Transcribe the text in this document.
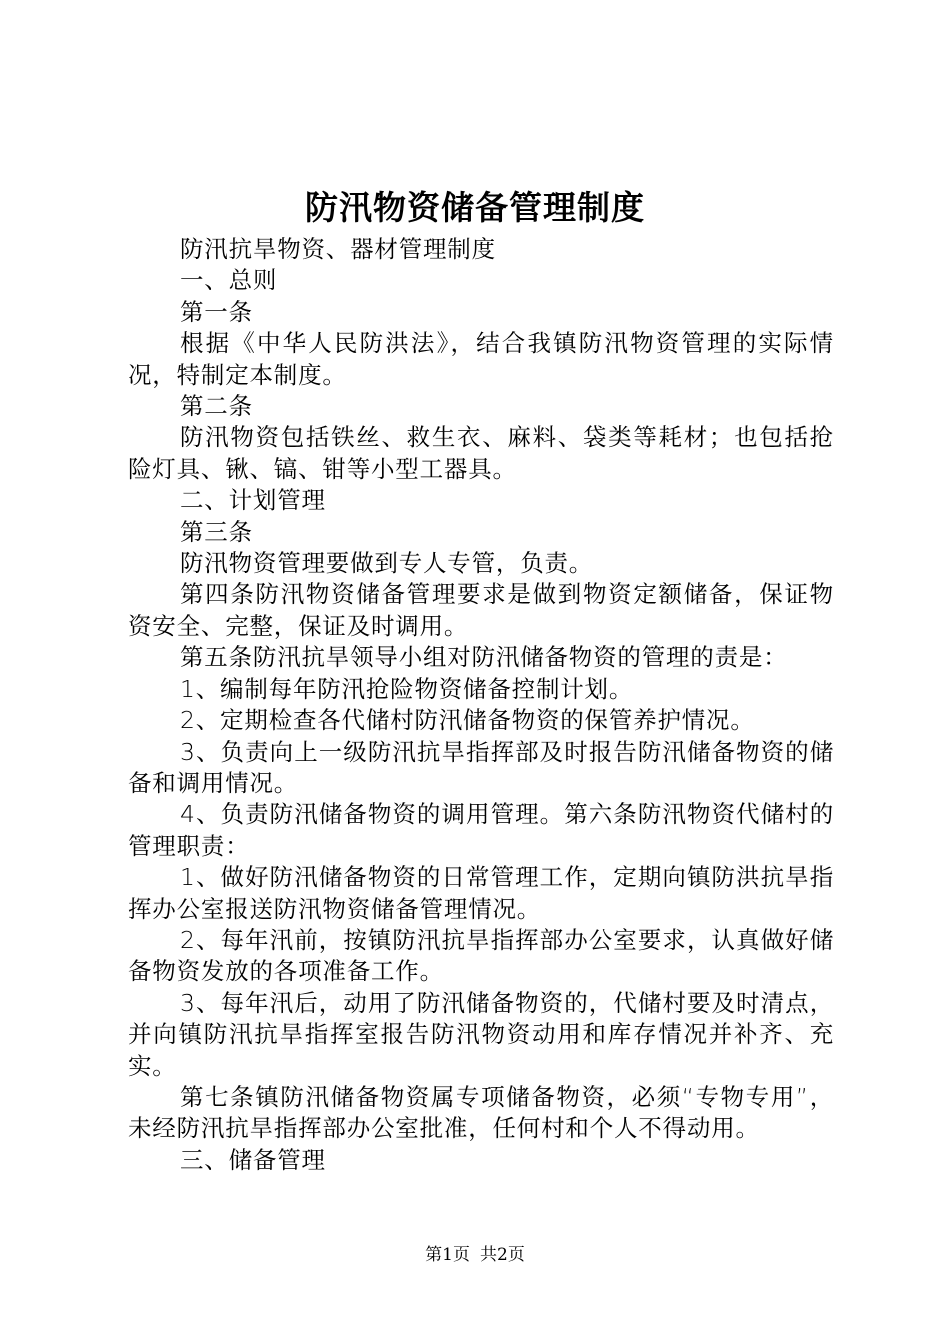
防汛物资储备管理制度

防汛抗旱物资、器材管理制度

一、总则

第一条

根据《中华人民防洪法》，结合我镇防汛物资管理的实际情况，特制定本制度。

第二条

防汛物资包括铁丝、救生衣、麻料、袋类等耗材；也包括抢险灯具、锹、镐、钳等小型工器具。

二、计划管理

第三条

防汛物资管理要做到专人专管，负责。

第四条防汛物资储备管理要求是做到物资定额储备，保证物资安全、完整，保证及时调用。

第五条防汛抗旱领导小组对防汛储备物资的管理的责是：

1、编制每年防汛抢险物资储备控制计划。

2、定期检查各代储村防汛储备物资的保管养护情况。

3、负责向上一级防汛抗旱指挥部及时报告防汛储备物资的储备和调用情况。

4、负责防汛储备物资的调用管理。第六条防汛物资代储村的管理职责：

1、做好防汛储备物资的日常管理工作，定期向镇防洪抗旱指挥办公室报送防汛物资储备管理情况。

2、每年汛前，按镇防汛抗旱指挥部办公室要求，认真做好储备物资发放的各项准备工作。

3、每年汛后，动用了防汛储备物资的，代储村要及时清点，并向镇防汛抗旱指挥室报告防汛物资动用和库存情况并补齐、充实。

第七条镇防汛储备物资属专项储备物资，必须“专物专用”，未经防汛抗旱指挥部办公室批准，任何村和个人不得动用。

三、储备管理

第1页 共2页
